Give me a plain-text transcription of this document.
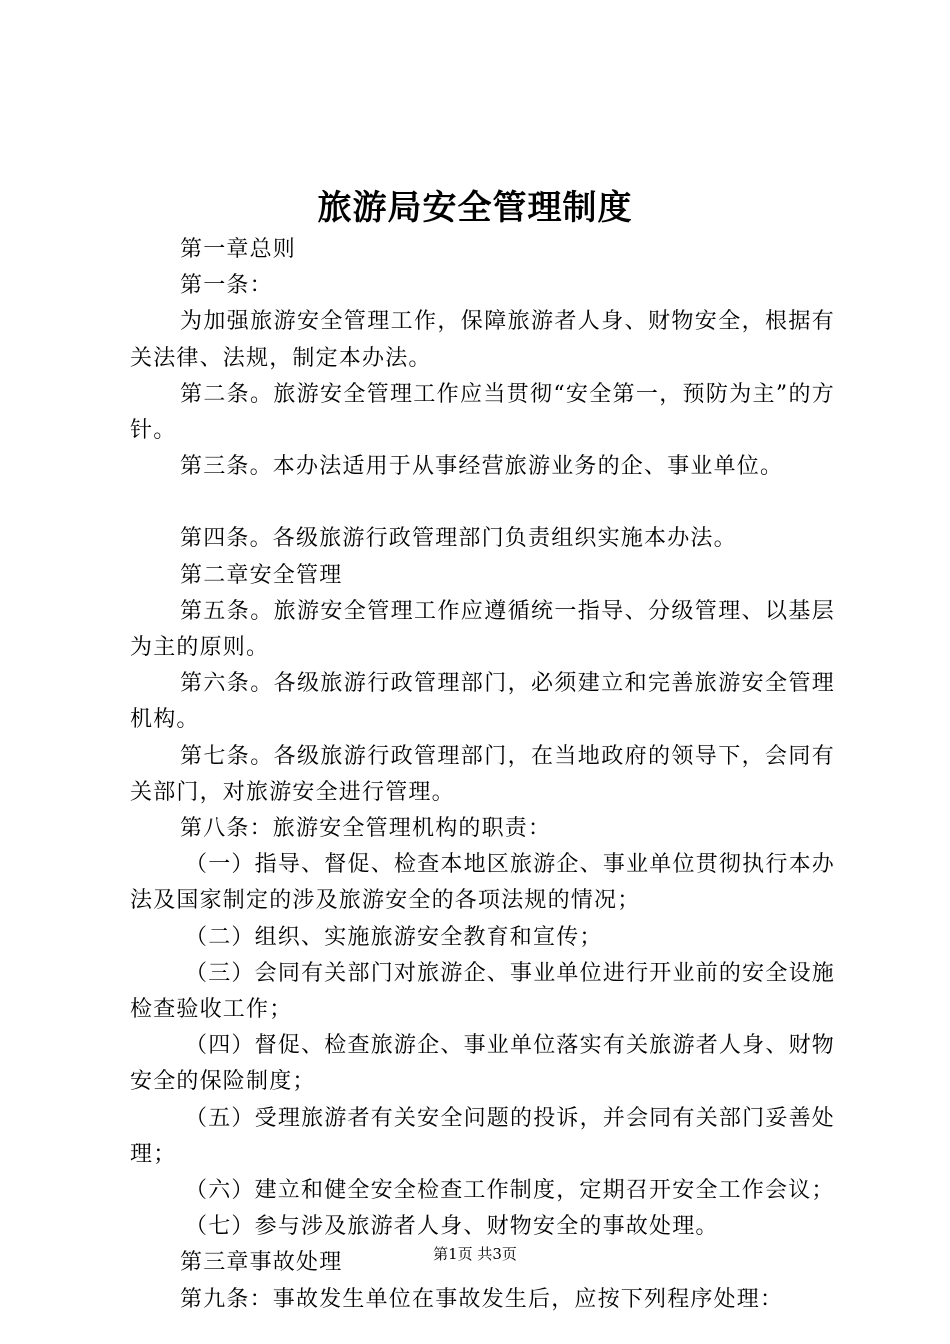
旅游局安全管理制度

第一章总则

第一条：

为加强旅游安全管理工作，保障旅游者人身、财物安全，根据有关法律、法规，制定本办法。

第二条。旅游安全管理工作应当贯彻“安全第一，预防为主”的方针。

第三条。本办法适用于从事经营旅游业务的企、事业单位。

第四条。各级旅游行政管理部门负责组织实施本办法。

第二章安全管理

第五条。旅游安全管理工作应遵循统一指导、分级管理、以基层为主的原则。

第六条。各级旅游行政管理部门，必须建立和完善旅游安全管理机构。

第七条。各级旅游行政管理部门，在当地政府的领导下，会同有关部门，对旅游安全进行管理。

第八条：旅游安全管理机构的职责：

（一）指导、督促、检查本地区旅游企、事业单位贯彻执行本办法及国家制定的涉及旅游安全的各项法规的情况；

（二）组织、实施旅游安全教育和宣传；

（三）会同有关部门对旅游企、事业单位进行开业前的安全设施检查验收工作；

（四）督促、检查旅游企、事业单位落实有关旅游者人身、财物安全的保险制度；

（五）受理旅游者有关安全问题的投诉，并会同有关部门妥善处理；

（六）建立和健全安全检查工作制度，定期召开安全工作会议；

（七）参与涉及旅游者人身、财物安全的事故处理。

第三章事故处理

第九条：事故发生单位在事故发生后，应按下列程序处理：

第1页 共3页
